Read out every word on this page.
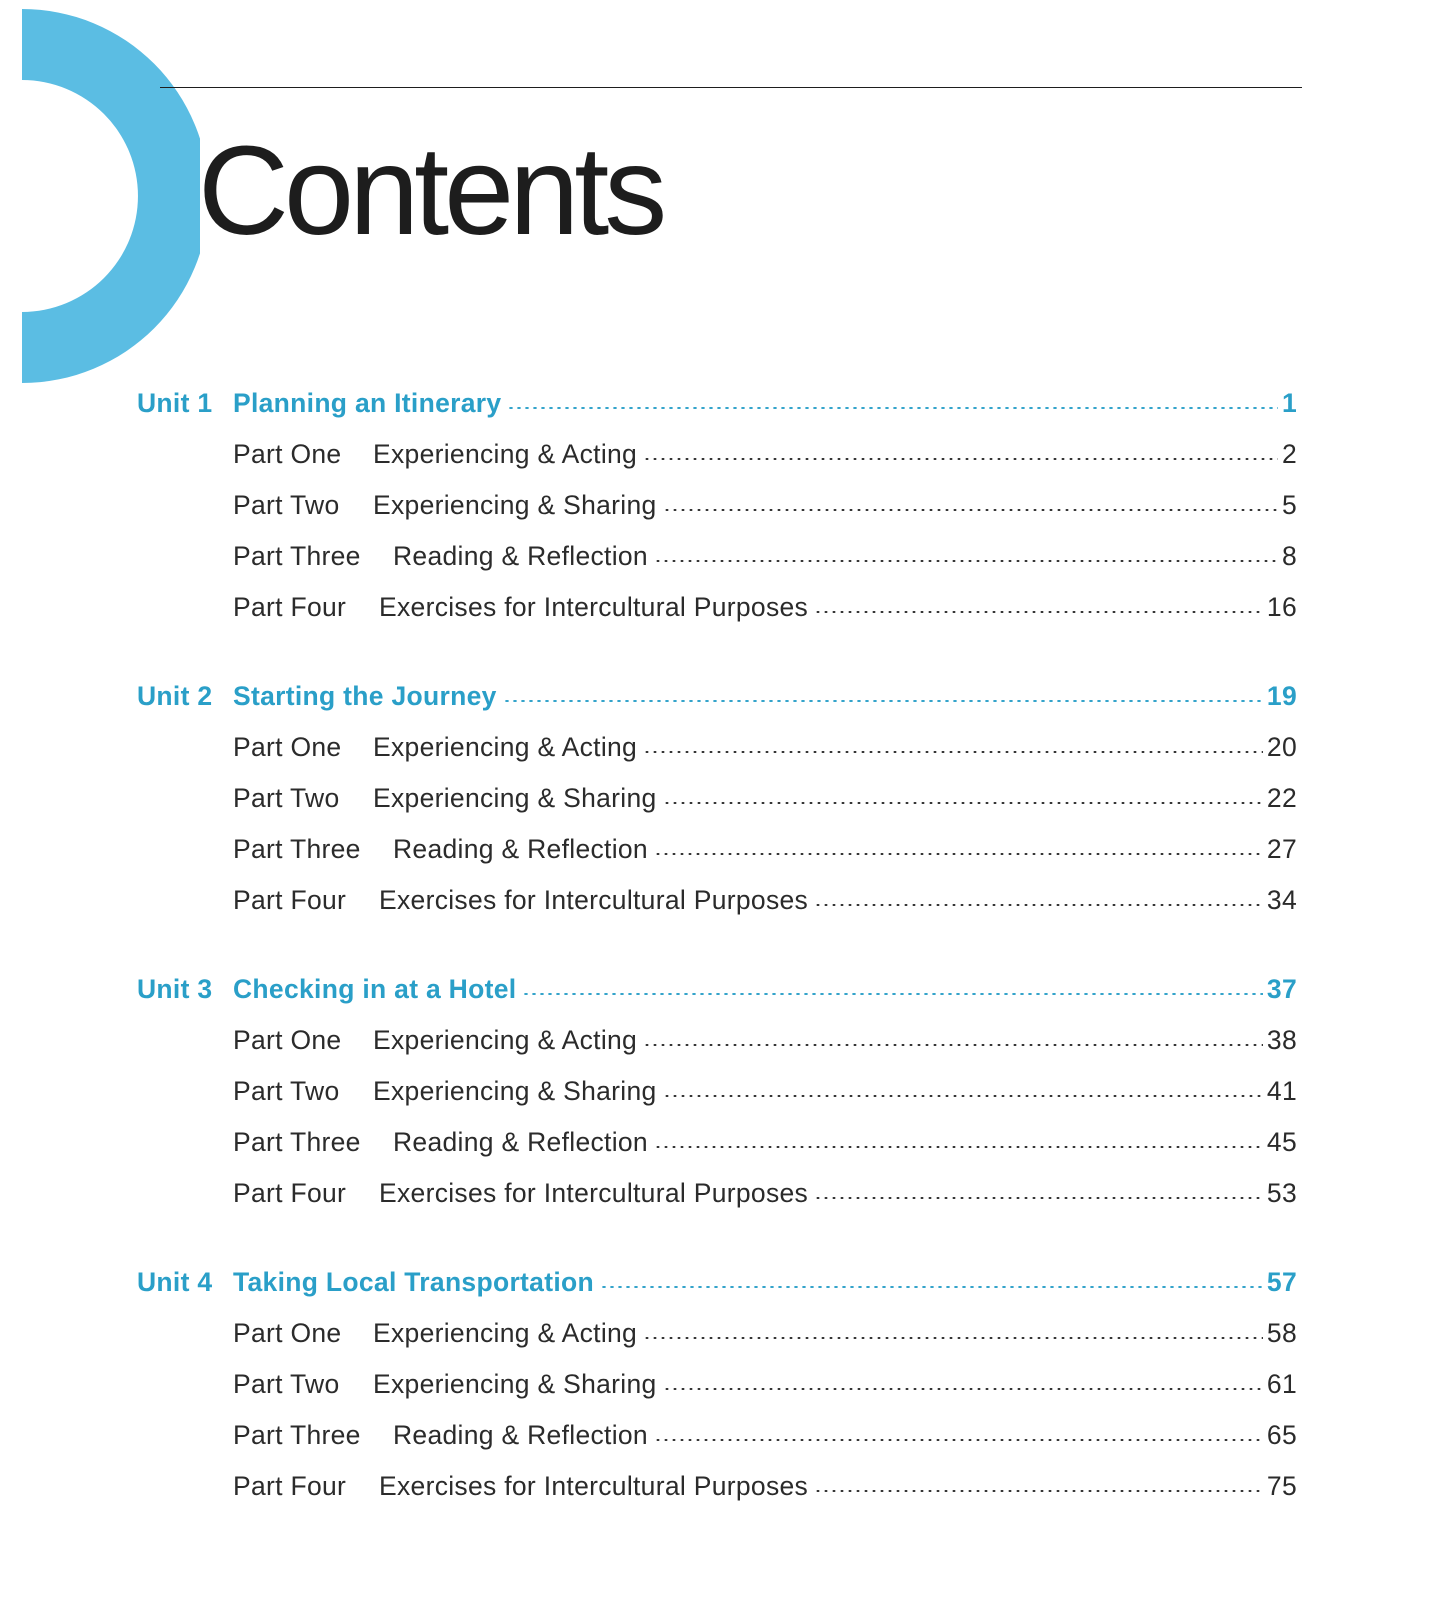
Contents
Unit 1 Planning an Itinerary	1
Part One	Experiencing & Acting	2
Part Two	Experiencing & Sharing	5
Part Three	Reading & Reflection	8
Part Four	Exercises for Intercultural Purposes	16
Unit 2 Starting the Journey	19
Part One	Experiencing & Acting	20
Part Two	Experiencing & Sharing	22
Part Three	Reading & Reflection	27
Part Four	Exercises for Intercultural Purposes	34
Unit 3 Checking in at a Hotel	37
Part One	Experiencing & Acting	38
Part Two	Experiencing & Sharing	41
Part Three	Reading & Reflection	45
Part Four	Exercises for Intercultural Purposes	53
Unit 4 Taking Local Transportation	57
Part One	Experiencing & Acting	58
Part Two	Experiencing & Sharing	61
Part Three	Reading & Reflection	65
Part Four	Exercises for Intercultural Purposes	75
